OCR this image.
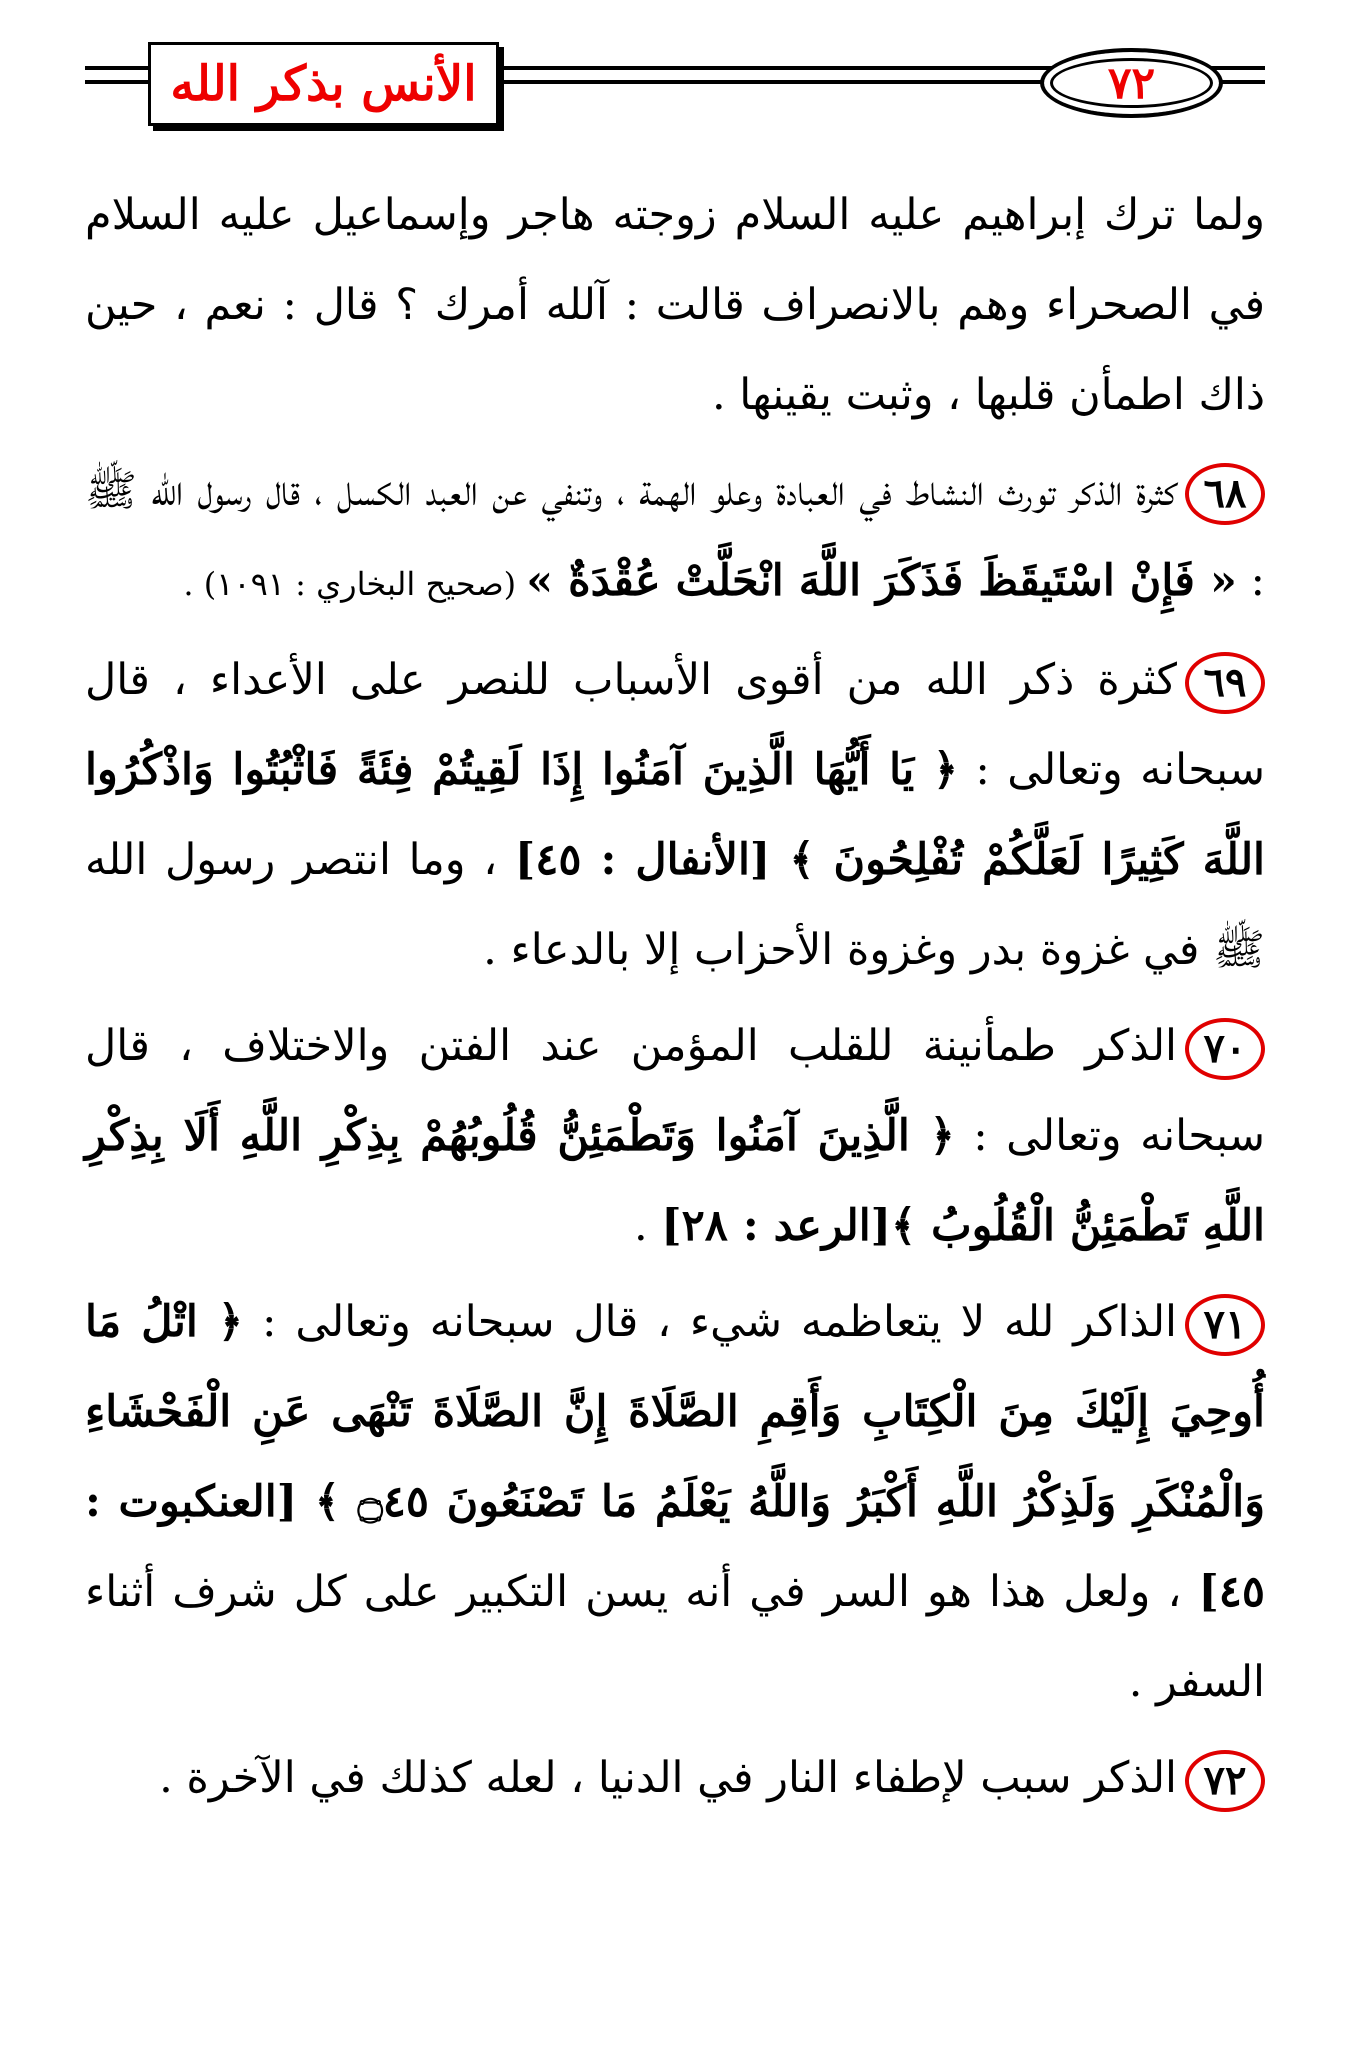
الأنس بذكر الله	٧٢

ولما ترك إبراهيم عليه السلام زوجته هاجر وإسماعيل عليه السلام في الصحراء وهم بالانصراف قالت : آلله أمرك ؟ قال : نعم ، حين ذاك اطمأن قلبها ، وثبت يقينها .

٦٨كثرة الذكر تورث النشاط في العبادة وعلو الهمة ، وتنفي عن العبد الكسل ، قال رسول الله ﷺ : « فَإِنْ اسْتَيقَظَ فَذَكَرَ اللَّهَ انْحَلَّتْ عُقْدَةٌ » (صحيح البخاري : ١٠٩١) .

٦٩كثرة ذكر الله من أقوى الأسباب للنصر على الأعداء ، قال سبحانه وتعالى : ﴿ يَا أَيُّهَا الَّذِينَ آمَنُوا إِذَا لَقِيتُمْ فِئَةً فَاثْبُتُوا وَاذْكُرُوا اللَّهَ كَثِيرًا لَعَلَّكُمْ تُفْلِحُونَ ﴾ [الأنفال : ٤٥] ، وما انتصر رسول الله ﷺ في غزوة بدر وغزوة الأحزاب إلا بالدعاء .

٧٠الذكر طمأنينة للقلب المؤمن عند الفتن والاختلاف ، قال سبحانه وتعالى : ﴿ الَّذِينَ آمَنُوا وَتَطْمَئِنُّ قُلُوبُهُمْ بِذِكْرِ اللَّهِ أَلَا بِذِكْرِ اللَّهِ تَطْمَئِنُّ الْقُلُوبُ ﴾[الرعد : ٢٨] .

٧١الذاكر لله لا يتعاظمه شيء ، قال سبحانه وتعالى : ﴿ اتْلُ مَا أُوحِيَ إِلَيْكَ مِنَ الْكِتَابِ وَأَقِمِ الصَّلَاةَ إِنَّ الصَّلَاةَ تَنْهَى عَنِ الْفَحْشَاءِ وَالْمُنْكَرِ وَلَذِكْرُ اللَّهِ أَكْبَرُ وَاللَّهُ يَعْلَمُ مَا تَصْنَعُونَ ۝٤٥ ﴾ [العنكبوت : ٤٥] ، ولعل هذا هو السر في أنه يسن التكبير على كل شرف أثناء السفر .

٧٢الذكر سبب لإطفاء النار في الدنيا ، لعله كذلك في الآخرة .
